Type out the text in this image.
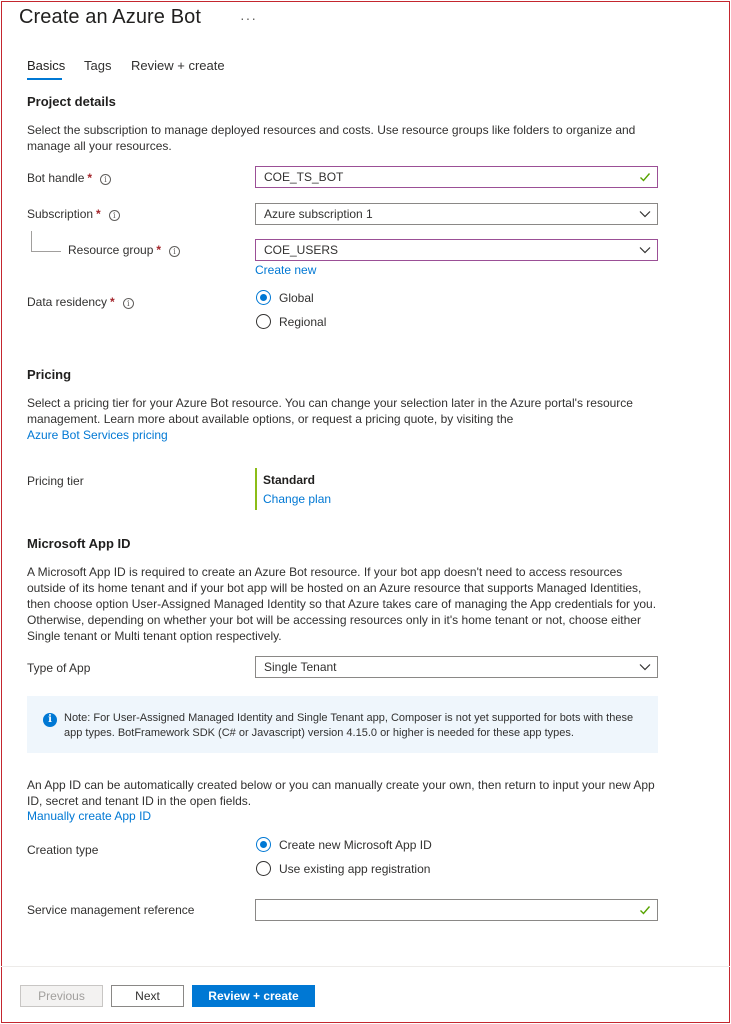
Create an Azure Bot	···
Basics Tags Review + create
Project details
Select the subscription to manage deployed resources and costs. Use resource groups like folders to organize and manage all your resources.
Bot handle * i	COE_TS_BOT
Subscription * i	Azure subscription 1
Resource group * i	COE_USERS
Create new
Data residency * i	Global
Regional
Pricing
Select a pricing tier for your Azure Bot resource. You can change your selection later in the Azure portal's resource management. Learn more about available options, or request a pricing quote, by visiting the
Azure Bot Services pricing
Pricing tier	Standard
Change plan
Microsoft App ID
A Microsoft App ID is required to create an Azure Bot resource. If your bot app doesn't need to access resources outside of its home tenant and if your bot app will be hosted on an Azure resource that supports Managed Identities, then choose option User-Assigned Managed Identity so that Azure takes care of managing the App credentials for you. Otherwise, depending on whether your bot will be accessing resources only in it's home tenant or not, choose either Single tenant or Multi tenant option respectively.
Type of App	Single Tenant
i	Note: For User-Assigned Managed Identity and Single Tenant app, Composer is not yet supported for bots with these app types. BotFramework SDK (C# or Javascript) version 4.15.0 or higher is needed for these app types.
An App ID can be automatically created below or you can manually create your own, then return to input your new App ID, secret and tenant ID in the open fields.
Manually create App ID
Creation type	Create new Microsoft App ID
Use existing app registration
Service management reference
Previous	Next	Review + create
